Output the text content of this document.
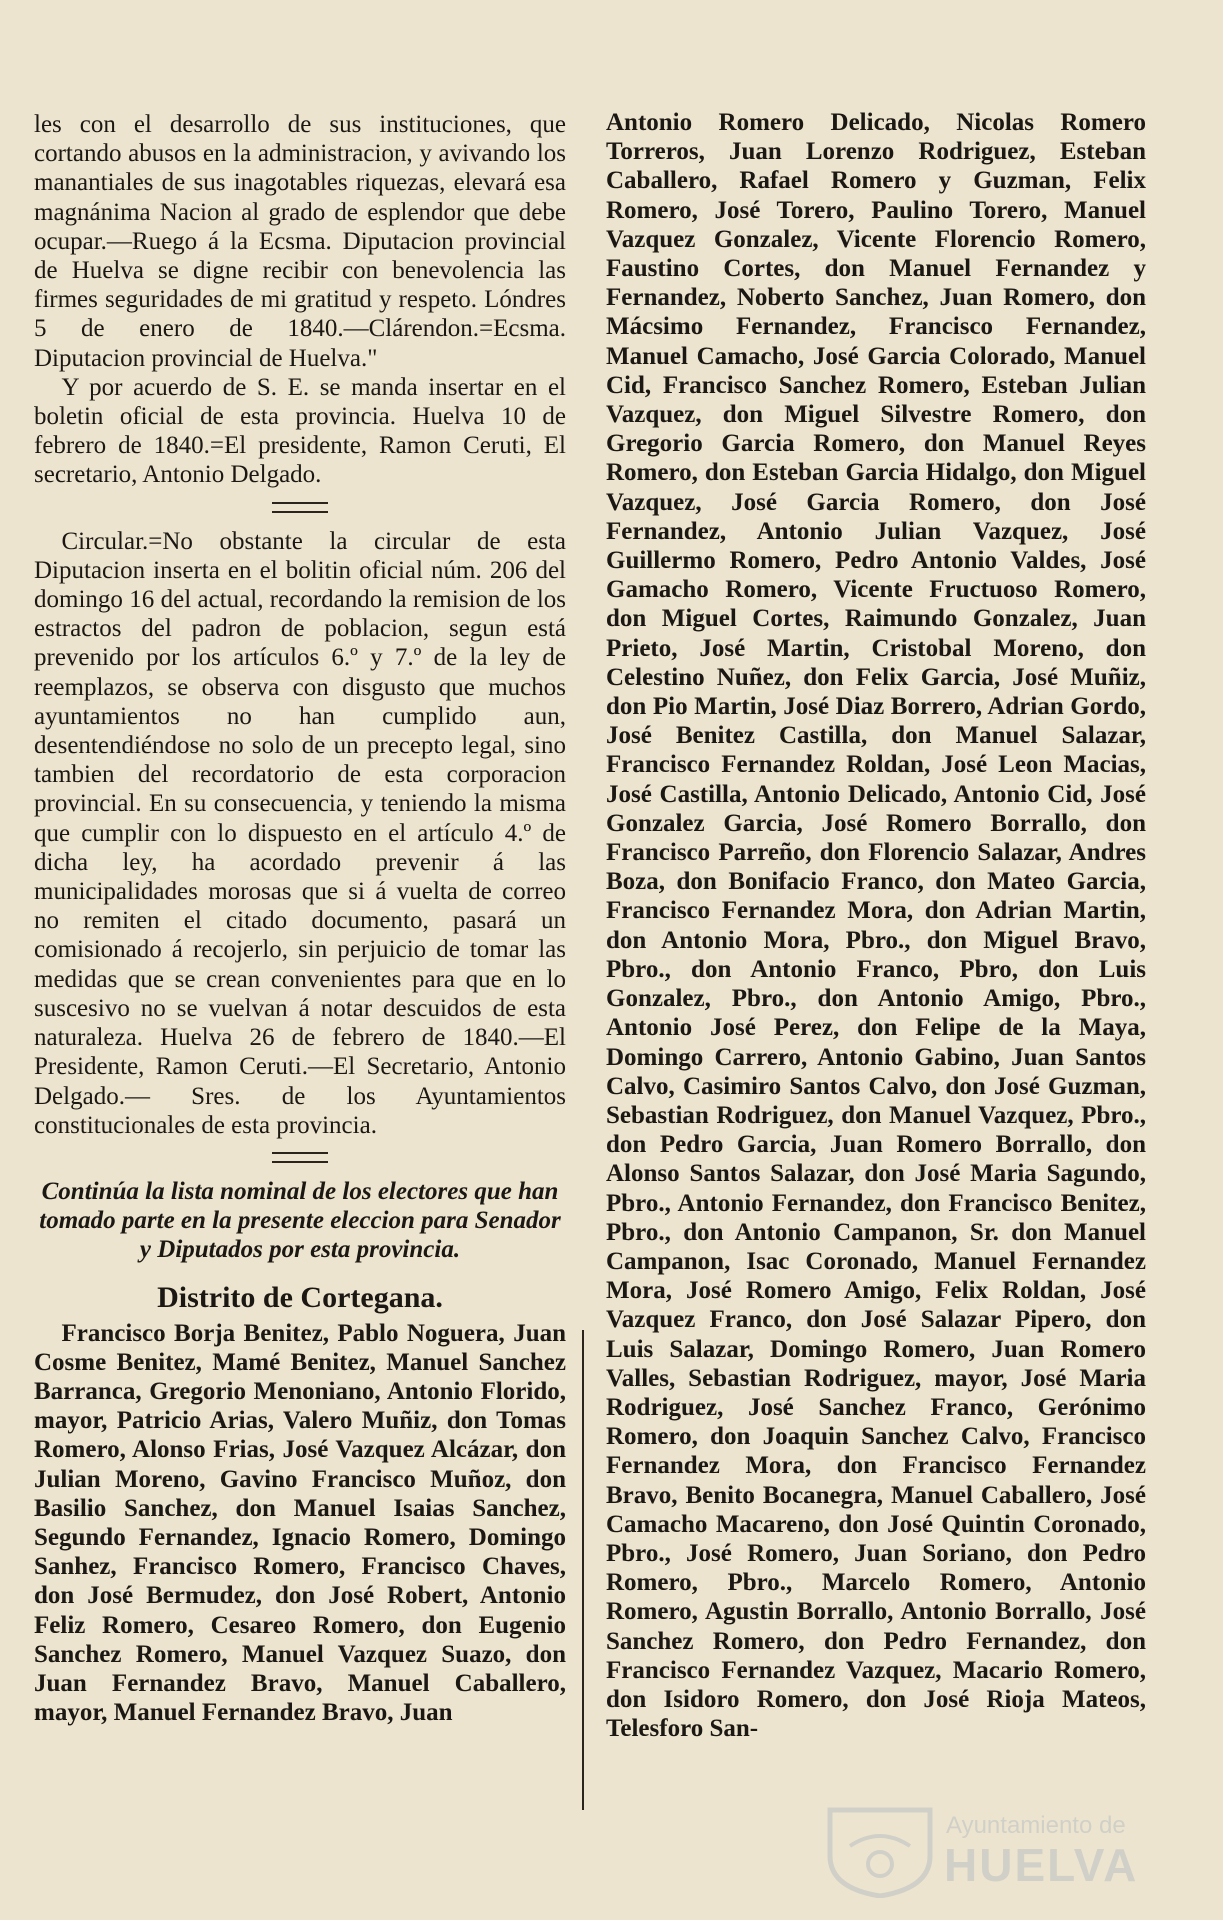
les con el desarrollo de sus instituciones, que cortando abusos en la administracion, y avivando los manantiales de sus inagotables riquezas, elevará esa magnánima Nacion al grado de esplendor que debe ocupar.—Ruego á la Ecsma. Diputacion provincial de Huelva se digne recibir con benevolencia las firmes seguridades de mi gratitud y respeto. Lóndres 5 de enero de 1840.—Clárendon.=Ecsma. Diputacion provincial de Huelva."

Y por acuerdo de S. E. se manda insertar en el boletin oficial de esta provincia. Huelva 10 de febrero de 1840.=El presidente, Ramon Ceruti, El secretario, Antonio Delgado.

Circular.=No obstante la circular de esta Diputacion inserta en el bolitin oficial núm. 206 del domingo 16 del actual, recordando la remision de los estractos del padron de poblacion, segun está prevenido por los artículos 6.º y 7.º de la ley de reemplazos, se observa con disgusto que muchos ayuntamientos no han cumplido aun, desentendiéndose no solo de un precepto legal, sino tambien del recordatorio de esta corporacion provincial. En su consecuencia, y teniendo la misma que cumplir con lo dispuesto en el artículo 4.º de dicha ley, ha acordado prevenir á las municipalidades morosas que si á vuelta de correo no remiten el citado documento, pasará un comisionado á recojerlo, sin perjuicio de tomar las medidas que se crean convenientes para que en lo suscesivo no se vuelvan á notar descuidos de esta naturaleza. Huelva 26 de febrero de 1840.—El Presidente, Ramon Ceruti.—El Secretario, Antonio Delgado.— Sres. de los Ayuntamientos constitucionales de esta provincia.

Continúa la lista nominal de los electores que han tomado parte en la presente eleccion para Senador y Diputados por esta provincia.

Distrito de Cortegana.

Francisco Borja Benitez, Pablo Noguera, Juan Cosme Benitez, Mamé Benitez, Manuel Sanchez Barranca, Gregorio Menoniano, Antonio Florido, mayor, Patricio Arias, Valero Muñiz, don Tomas Romero, Alonso Frias, José Vazquez Alcázar, don Julian Moreno, Gavino Francisco Muñoz, don Basilio Sanchez, don Manuel Isaias Sanchez, Segundo Fernandez, Ignacio Romero, Domingo Sanhez, Francisco Romero, Francisco Chaves, don José Bermudez, don José Robert, Antonio Feliz Romero, Cesareo Romero, don Eugenio Sanchez Romero, Manuel Vazquez Suazo, don Juan Fernandez Bravo, Manuel Caballero, mayor, Manuel Fernandez Bravo, Juan

Antonio Romero Delicado, Nicolas Romero Torreros, Juan Lorenzo Rodriguez, Esteban Caballero, Rafael Romero y Guzman, Felix Romero, José Torero, Paulino Torero, Manuel Vazquez Gonzalez, Vicente Florencio Romero, Faustino Cortes, don Manuel Fernandez y Fernandez, Noberto Sanchez, Juan Romero, don Mácsimo Fernandez, Francisco Fernandez, Manuel Camacho, José Garcia Colorado, Manuel Cid, Francisco Sanchez Romero, Esteban Julian Vazquez, don Miguel Silvestre Romero, don Gregorio Garcia Romero, don Manuel Reyes Romero, don Esteban Garcia Hidalgo, don Miguel Vazquez, José Garcia Romero, don José Fernandez, Antonio Julian Vazquez, José Guillermo Romero, Pedro Antonio Valdes, José Gamacho Romero, Vicente Fructuoso Romero, don Miguel Cortes, Raimundo Gonzalez, Juan Prieto, José Martin, Cristobal Moreno, don Celestino Nuñez, don Felix Garcia, José Muñiz, don Pio Martin, José Diaz Borrero, Adrian Gordo, José Benitez Castilla, don Manuel Salazar, Francisco Fernandez Roldan, José Leon Macias, José Castilla, Antonio Delicado, Antonio Cid, José Gonzalez Garcia, José Romero Borrallo, don Francisco Parreño, don Florencio Salazar, Andres Boza, don Bonifacio Franco, don Mateo Garcia, Francisco Fernandez Mora, don Adrian Martin, don Antonio Mora, Pbro., don Miguel Bravo, Pbro., don Antonio Franco, Pbro, don Luis Gonzalez, Pbro., don Antonio Amigo, Pbro., Antonio José Perez, don Felipe de la Maya, Domingo Carrero, Antonio Gabino, Juan Santos Calvo, Casimiro Santos Calvo, don José Guzman, Sebastian Rodriguez, don Manuel Vazquez, Pbro., don Pedro Garcia, Juan Romero Borrallo, don Alonso Santos Salazar, don José Maria Sagundo, Pbro., Antonio Fernandez, don Francisco Benitez, Pbro., don Antonio Campanon, Sr. don Manuel Campanon, Isac Coronado, Manuel Fernandez Mora, José Romero Amigo, Felix Roldan, José Vazquez Franco, don José Salazar Pipero, don Luis Salazar, Domingo Romero, Juan Romero Valles, Sebastian Rodriguez, mayor, José Maria Rodriguez, José Sanchez Franco, Gerónimo Romero, don Joaquin Sanchez Calvo, Francisco Fernandez Mora, don Francisco Fernandez Bravo, Benito Bocanegra, Manuel Caballero, José Camacho Macareno, don José Quintin Coronado, Pbro., José Romero, Juan Soriano, don Pedro Romero, Pbro., Marcelo Romero, Antonio Romero, Agustin Borrallo, Antonio Borrallo, José Sanchez Romero, don Pedro Fernandez, don Francisco Fernandez Vazquez, Macario Romero, don Isidoro Romero, don José Rioja Mateos, Telesforo San-

Ayuntamiento de
HUELVA
